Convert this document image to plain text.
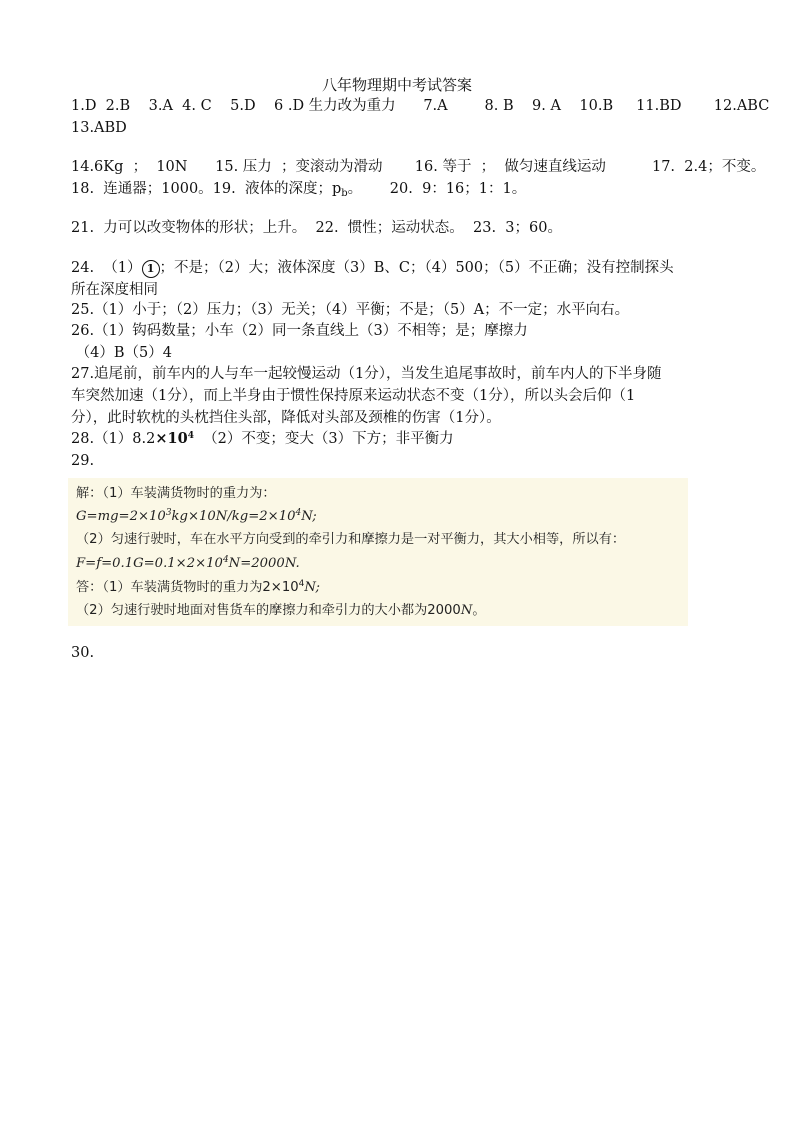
八年物理期中考试答案
1.D  2.B    3.A  4. C    5.D    6 .D 生力改为重力      7.A        8. B    9. A    10.B     11.BD       12.ABC
13.ABD
14.6Kg  ；  10N      15. 压力  ；变滚动为滑动       16. 等于  ；  做匀速直线运动          17.  2.4；不变。
18.  连通器；1000。19.  液体的深度；$p_b$。      20.  9：16；1：1。
21.  力可以改变物体的形状；上升。  22.  惯性；运动状态。  23.  3；60。
24.  （1） 1 ；不是；（2）大；液体深度（3）B、C；（4）500；（5）不正确；没有控制探头
所在深度相同
25.（1）小于；（2）压力；（3）无关；（4）平衡；不是；（5）A；不一定；水平向右。
26.（1）钩码数量；小车（2）同一条直线上（3）不相等；是；摩擦力
（4）B（5）4
27.追尾前，前车内的人与车一起较慢运动（1分），当发生追尾事故时，前车内人的下半身随
车突然加速（1分），而上半身由于惯性保持原来运动状态不变（1分），所以头会后仰（1
分），此时软枕的头枕挡住头部，降低对头部及颈椎的伤害（1分）。
$28.(1)8.2\times 10^4$  （2）不变；变大（3）下方；非平衡力
29.
解：（1）车装满货物时的重力为：
$G=mg=2\times 10^3kg\times 10N/kg=2\times 10^4N$;
（2）匀速行驶时，车在水平方向受到的牵引力和摩擦力是一对平衡力，其大小相等，所以有：
$F=f=0.1G=0.1\times 2\times 10^4N=2000N$.
答：（1）车装满货物时的重力为$2\times 10^4N$;
（2）匀速行驶时地面对售货车的摩擦力和牵引力的大小都为2000N。
30.
